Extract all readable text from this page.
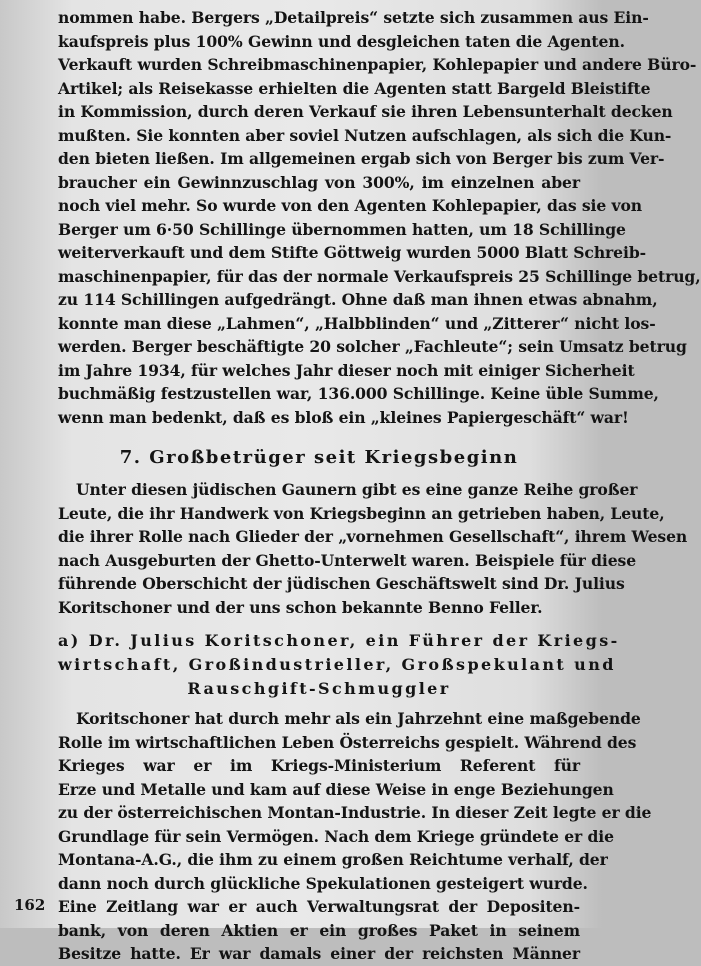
nommen habe. Bergers „Detailpreis“ setzte sich zusammen aus Ein-
kaufspreis plus 100% Gewinn und desgleichen taten die Agenten.
Verkauft wurden Schreibmaschinenpapier, Kohlepapier und andere Büro-
Artikel; als Reisekasse erhielten die Agenten statt Bargeld Bleistifte
in Kommission, durch deren Verkauf sie ihren Lebensunterhalt decken
mußten. Sie konnten aber soviel Nutzen aufschlagen, als sich die Kun-
den bieten ließen. Im allgemeinen ergab sich von Berger bis zum Ver-
braucher ein Gewinnzuschlag von 300%, im einzelnen aber
noch viel mehr. So wurde von den Agenten Kohlepapier, das sie von
Berger um 6·50 Schillinge übernommen hatten, um 18 Schillinge
weiterverkauft und dem Stifte Göttweig wurden 5000 Blatt Schreib-
maschinenpapier, für das der normale Verkaufspreis 25 Schillinge betrug,
zu 114 Schillingen aufgedrängt. Ohne daß man ihnen etwas abnahm,
konnte man diese „Lahmen“, „Halbblinden“ und „Zitterer“ nicht los-
werden. Berger beschäftigte 20 solcher „Fachleute“; sein Umsatz betrug
im Jahre 1934, für welches Jahr dieser noch mit einiger Sicherheit
buchmäßig festzustellen war, 136.000 Schillinge. Keine üble Summe,
wenn man bedenkt, daß es bloß ein „kleines Papiergeschäft“ war!
7. Großbetrüger seit Kriegsbeginn
Unter diesen jüdischen Gaunern gibt es eine ganze Reihe großer
Leute, die ihr Handwerk von Kriegsbeginn an getrieben haben, Leute,
die ihrer Rolle nach Glieder der „vornehmen Gesellschaft“, ihrem Wesen
nach Ausgeburten der Ghetto-Unterwelt waren. Beispiele für diese
führende Oberschicht der jüdischen Geschäftswelt sind Dr. Julius
Koritschoner und der uns schon bekannte Benno Feller.
a) Dr. Julius Koritschoner, ein Führer der Kriegs-
wirtschaft, Großindustrieller, Großspekulant und
Rauschgift-Schmuggler
Koritschoner hat durch mehr als ein Jahrzehnt eine maßgebende
Rolle im wirtschaftlichen Leben Österreichs gespielt. Während des
Krieges war er im Kriegs-Ministerium Referent für
Erze und Metalle und kam auf diese Weise in enge Beziehungen
zu der österreichischen Montan-Industrie. In dieser Zeit legte er die
Grundlage für sein Vermögen. Nach dem Kriege gründete er die
Montana-A.G., die ihm zu einem großen Reichtume verhalf, der
dann noch durch glückliche Spekulationen gesteigert wurde.
Eine Zeitlang war er auch Verwaltungsrat der Depositen-
bank, von deren Aktien er ein großes Paket in seinem
Besitze hatte. Er war damals einer der reichsten Männer
162
